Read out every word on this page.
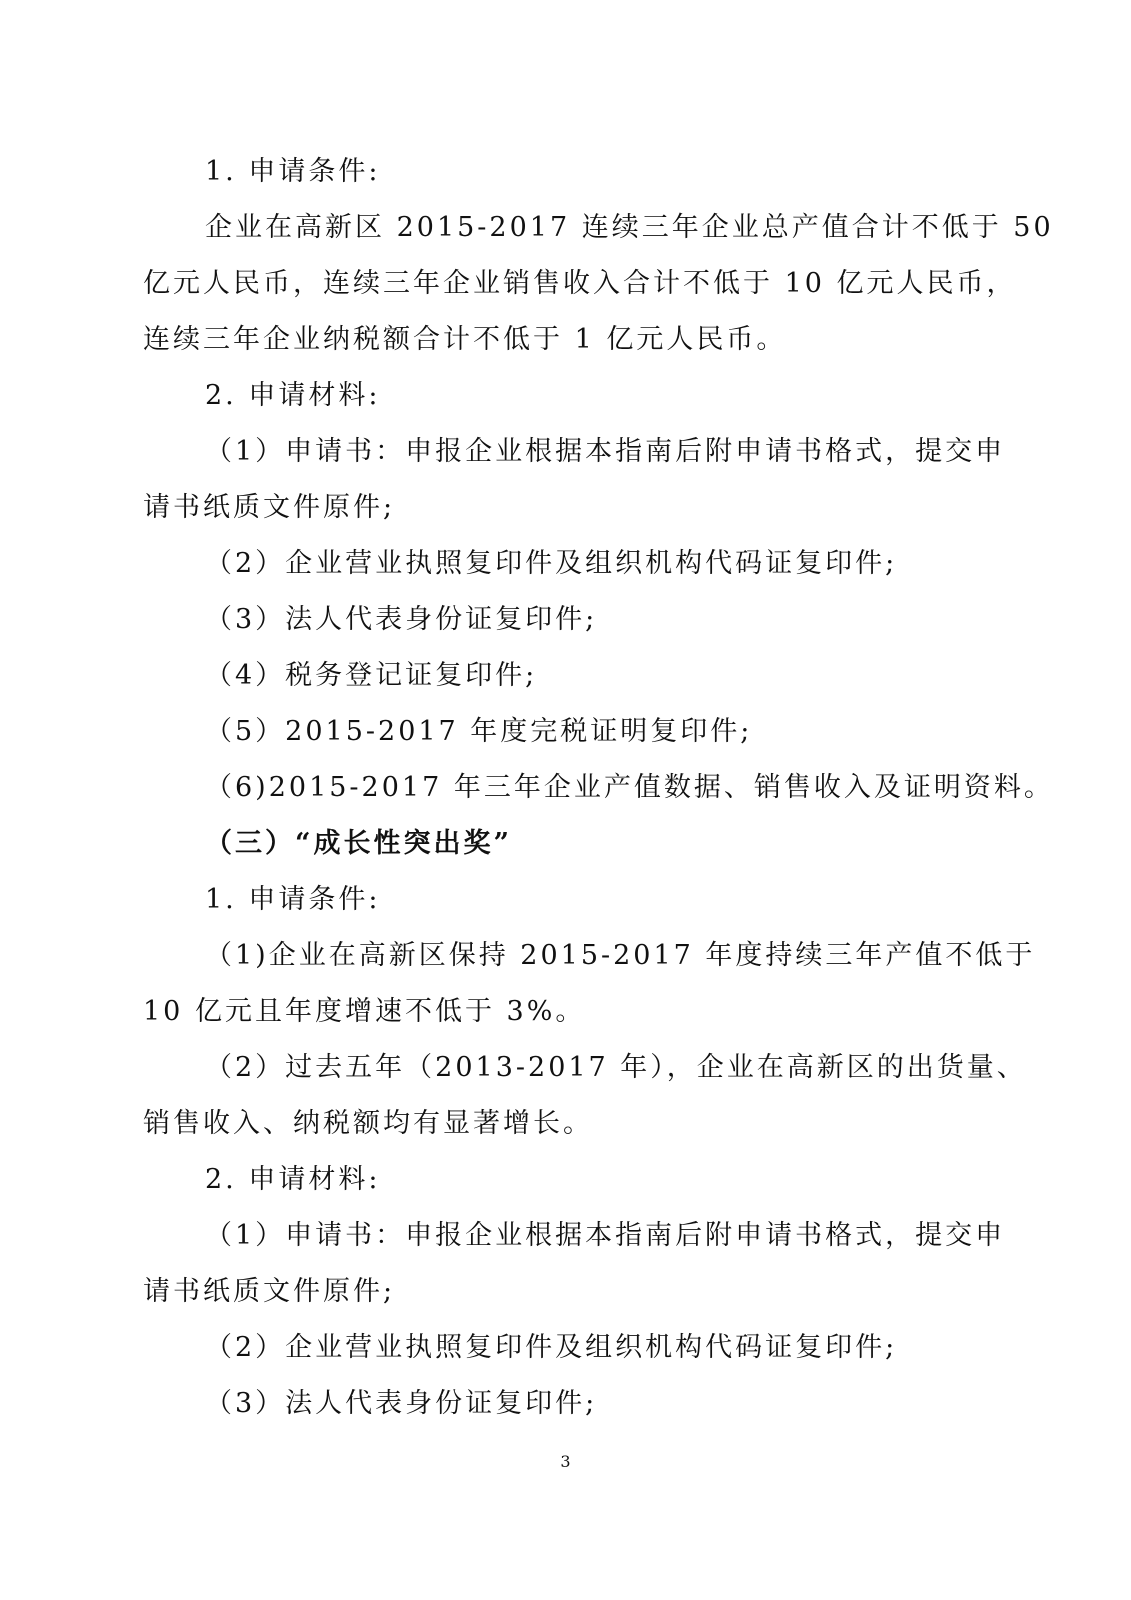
1. 申请条件:
企业在高新区 2015-2017 连续三年企业总产值合计不低于 50
亿元人民币，连续三年企业销售收入合计不低于 10 亿元人民币，
连续三年企业纳税额合计不低于 1 亿元人民币。
2. 申请材料:
（1）申请书：申报企业根据本指南后附申请书格式，提交申
请书纸质文件原件;
（2）企业营业执照复印件及组织机构代码证复印件;
（3）法人代表身份证复印件;
（4）税务登记证复印件;
（5）2015-2017 年度完税证明复印件;
（6)2015-2017 年三年企业产值数据、销售收入及证明资料。
（三）“成长性突出奖”
1. 申请条件:
（1)企业在高新区保持 2015-2017 年度持续三年产值不低于
10 亿元且年度增速不低于 3%。
（2）过去五年（2013-2017 年），企业在高新区的出货量、
销售收入、纳税额均有显著增长。
2. 申请材料:
（1）申请书：申报企业根据本指南后附申请书格式，提交申
请书纸质文件原件;
（2）企业营业执照复印件及组织机构代码证复印件;
（3）法人代表身份证复印件;
3
